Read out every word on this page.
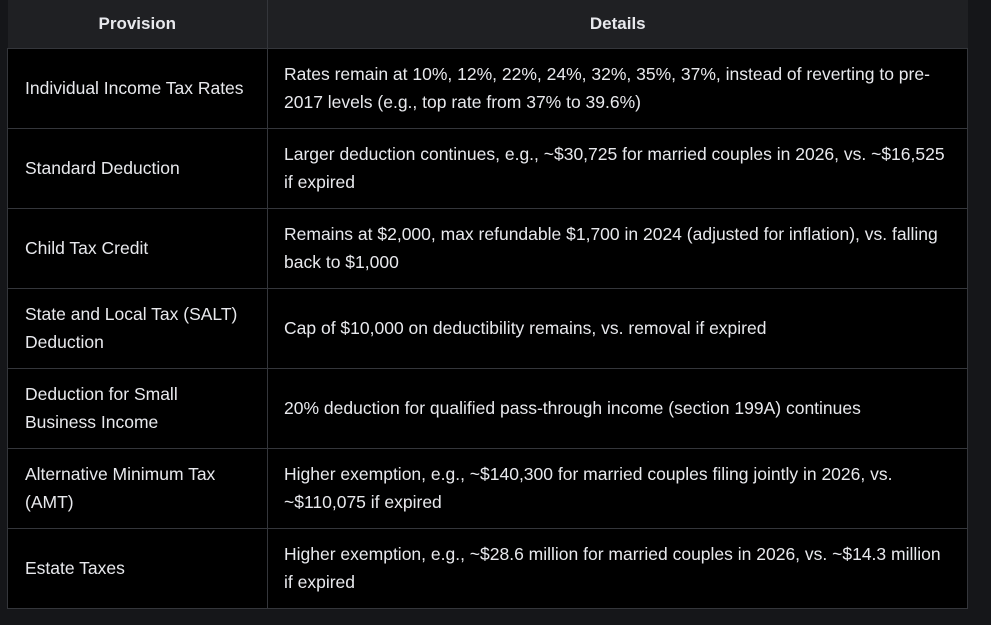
Provision	Details
Individual Income Tax Rates	Rates remain at 10%, 12%, 22%, 24%, 32%, 35%, 37%, instead of reverting to pre-2017 levels (e.g., top rate from 37% to 39.6%)
Standard Deduction	Larger deduction continues, e.g., ~$30,725 for married couples in 2026, vs. ~$16,525 if expired
Child Tax Credit	Remains at $2,000, max refundable $1,700 in 2024 (adjusted for inflation), vs. falling back to $1,000
State and Local Tax (SALT) Deduction	Cap of $10,000 on deductibility remains, vs. removal if expired
Deduction for Small Business Income	20% deduction for qualified pass-through income (section 199A) continues
Alternative Minimum Tax (AMT)	Higher exemption, e.g., ~$140,300 for married couples filing jointly in 2026, vs. ~$110,075 if expired
Estate Taxes	Higher exemption, e.g., ~$28.6 million for married couples in 2026, vs. ~$14.3 million if expired
